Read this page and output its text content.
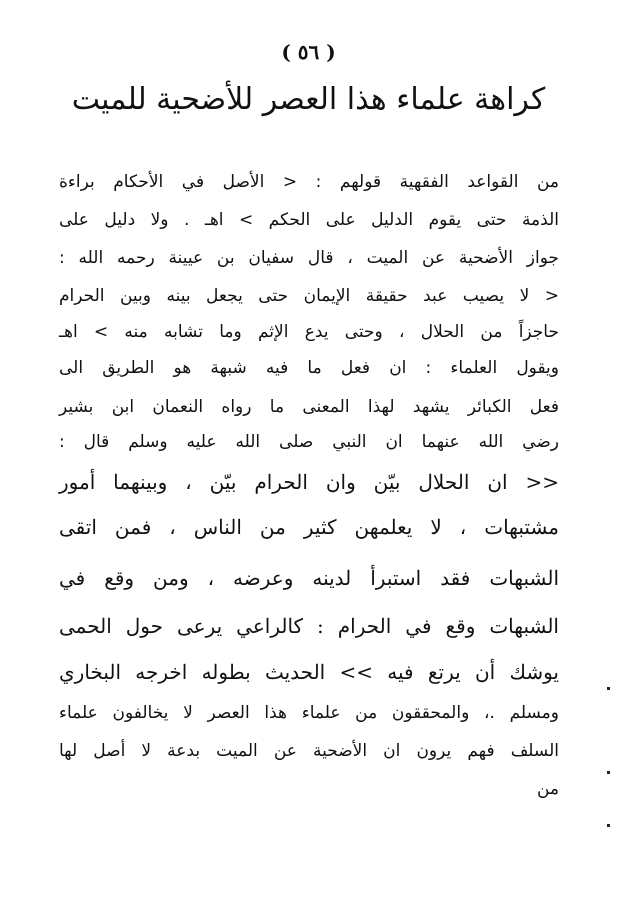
( ٥٦ )
كراهة علماء هذا العصر للأضحية للميت
من القواعد الفقهية قولهم : < الأصل في الأحكام براءة
الذمة حتى يقوم الدليل على الحكم > اهـ . ولا دليل على
جواز الأضحية عن الميت ، قال سفيان بن عيينة رحمه الله :
< لا يصيب عبد حقيقة الإيمان حتى يجعل بينه وبين الحرام
حاجزاً من الحلال ، وحتى يدع الإثم وما تشابه منه > اهـ
ويقول العلماء : ان فعل ما فيه شبهة هو الطريق الى
فعل الكبائر يشهد لهذا المعنى ما رواه النعمان ابن بشير
رضي الله عنهما ان النبي صلى الله عليه وسلم قال :
<< ان الحلال بيّن وان الحرام بيّن ، وبينهما أمور
مشتبهات ، لا يعلمهن كثير من الناس ، فمن اتقى
الشبهات فقد استبرأ لدينه وعرضه ، ومن وقع في
الشبهات وقع في الحرام : كالراعي يرعى حول الحمى
يوشك أن يرتع فيه >> الحديث بطوله اخرجه البخاري
ومسلم .، والمحققون من علماء هذا العصر لا يخالفون علماء
السلف فهم يرون ان الأضحية عن الميت بدعة لا أصل لها
من
